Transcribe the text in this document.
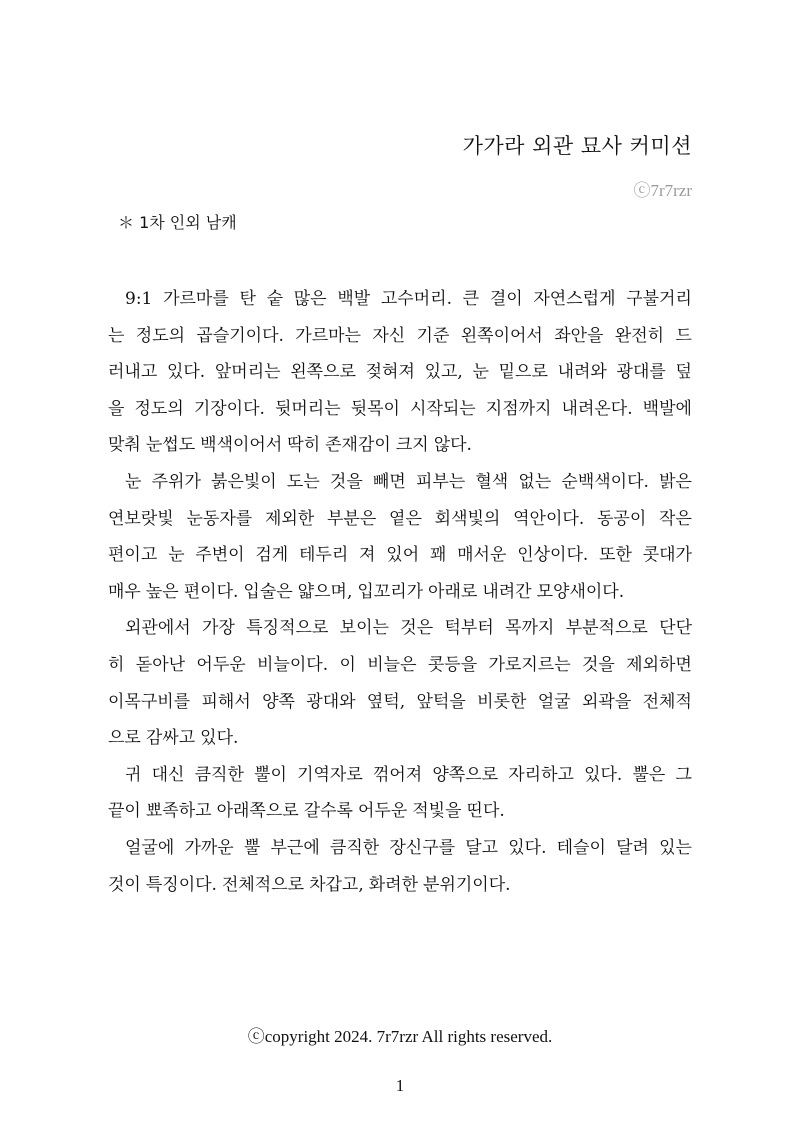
가가라 외관 묘사 커미션
ⓒ7r7rzr
＊ 1차 인외 남캐
9:1 가르마를 탄 숱 많은 백발 고수머리. 큰 결이 자연스럽게 구불거리
는 정도의 곱슬기이다. 가르마는 자신 기준 왼쪽이어서 좌안을 완전히 드
러내고 있다. 앞머리는 왼쪽으로 젖혀져 있고, 눈 밑으로 내려와 광대를 덮
을 정도의 기장이다. 뒷머리는 뒷목이 시작되는 지점까지 내려온다. 백발에
맞춰 눈썹도 백색이어서 딱히 존재감이 크지 않다.
눈 주위가 붉은빛이 도는 것을 빼면 피부는 혈색 없는 순백색이다. 밝은
연보랏빛 눈동자를 제외한 부분은 옅은 회색빛의 역안이다. 동공이 작은
편이고 눈 주변이 검게 테두리 져 있어 꽤 매서운 인상이다. 또한 콧대가
매우 높은 편이다. 입술은 얇으며, 입꼬리가 아래로 내려간 모양새이다.
외관에서 가장 특징적으로 보이는 것은 턱부터 목까지 부분적으로 단단
히 돋아난 어두운 비늘이다. 이 비늘은 콧등을 가로지르는 것을 제외하면
이목구비를 피해서 양쪽 광대와 옆턱, 앞턱을 비롯한 얼굴 외곽을 전체적
으로 감싸고 있다.
귀 대신 큼직한 뿔이 기역자로 꺾어져 양쪽으로 자리하고 있다. 뿔은 그
끝이 뾰족하고 아래쪽으로 갈수록 어두운 적빛을 띤다.
얼굴에 가까운 뿔 부근에 큼직한 장신구를 달고 있다. 테슬이 달려 있는
것이 특징이다. 전체적으로 차갑고, 화려한 분위기이다.
ⓒcopyright 2024. 7r7rzr All rights reserved.
1
